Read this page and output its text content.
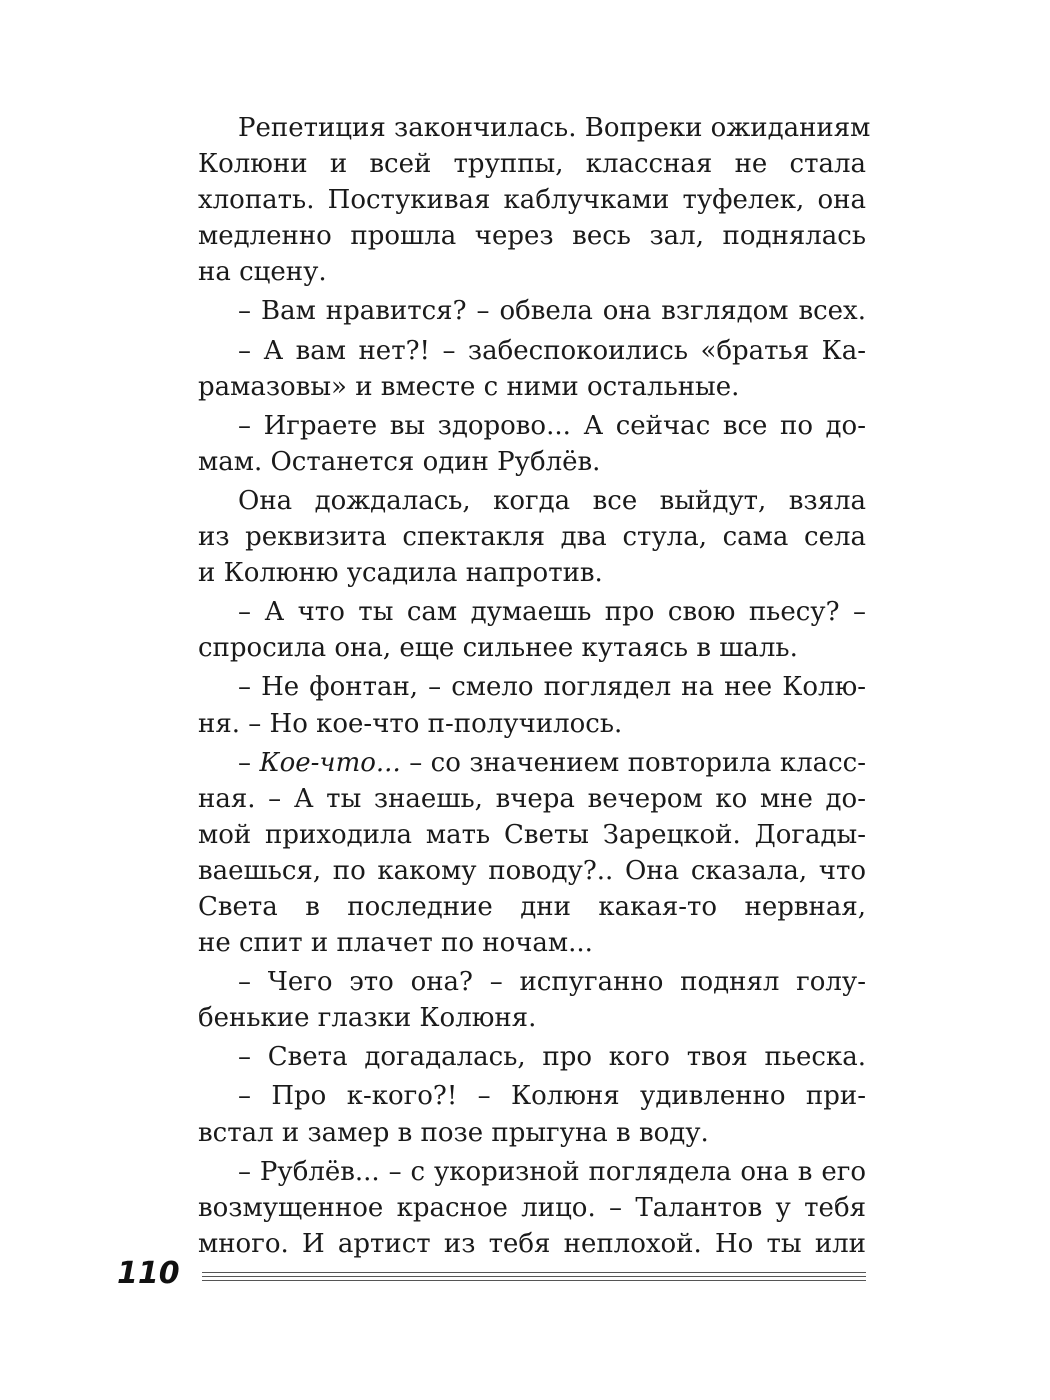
Репетиция закончилась. Вопреки ожиданиям
Колюни и всей труппы, классная не стала
хлопать. Постукивая каблучками туфелек, она
медленно прошла через весь зал, поднялась
на сцену.
– Вам нравится? – обвела она взглядом всех.
– А вам нет?! – забеспокоились «братья Ка-
рамазовы» и вместе с ними остальные.
– Играете вы здорово... А сейчас все по до-
мам. Останется один Рублёв.
Она дождалась, когда все выйдут, взяла
из реквизита спектакля два стула, сама села
и Колюню усадила напротив.
– А что ты сам думаешь про свою пьесу? –
спросила она, еще сильнее кутаясь в шаль.
– Не фонтан, – смело поглядел на нее Колю-
ня. – Но кое-что п-получилось.
– Кое-что... – со значением повторила класс-
ная. – А ты знаешь, вчера вечером ко мне до-
мой приходила мать Светы Зарецкой. Догады-
ваешься, по какому поводу?.. Она сказала, что
Света в последние дни какая-то нервная,
не спит и плачет по ночам...
– Чего это она? – испуганно поднял голу-
бенькие глазки Колюня.
– Света догадалась, про кого твоя пьеска.
– Про к-кого?! – Колюня удивленно при-
встал и замер в позе прыгуна в воду.
– Рублёв... – с укоризной поглядела она в его
возмущенное красное лицо. – Талантов у тебя
много. И артист из тебя неплохой. Но ты или
110
